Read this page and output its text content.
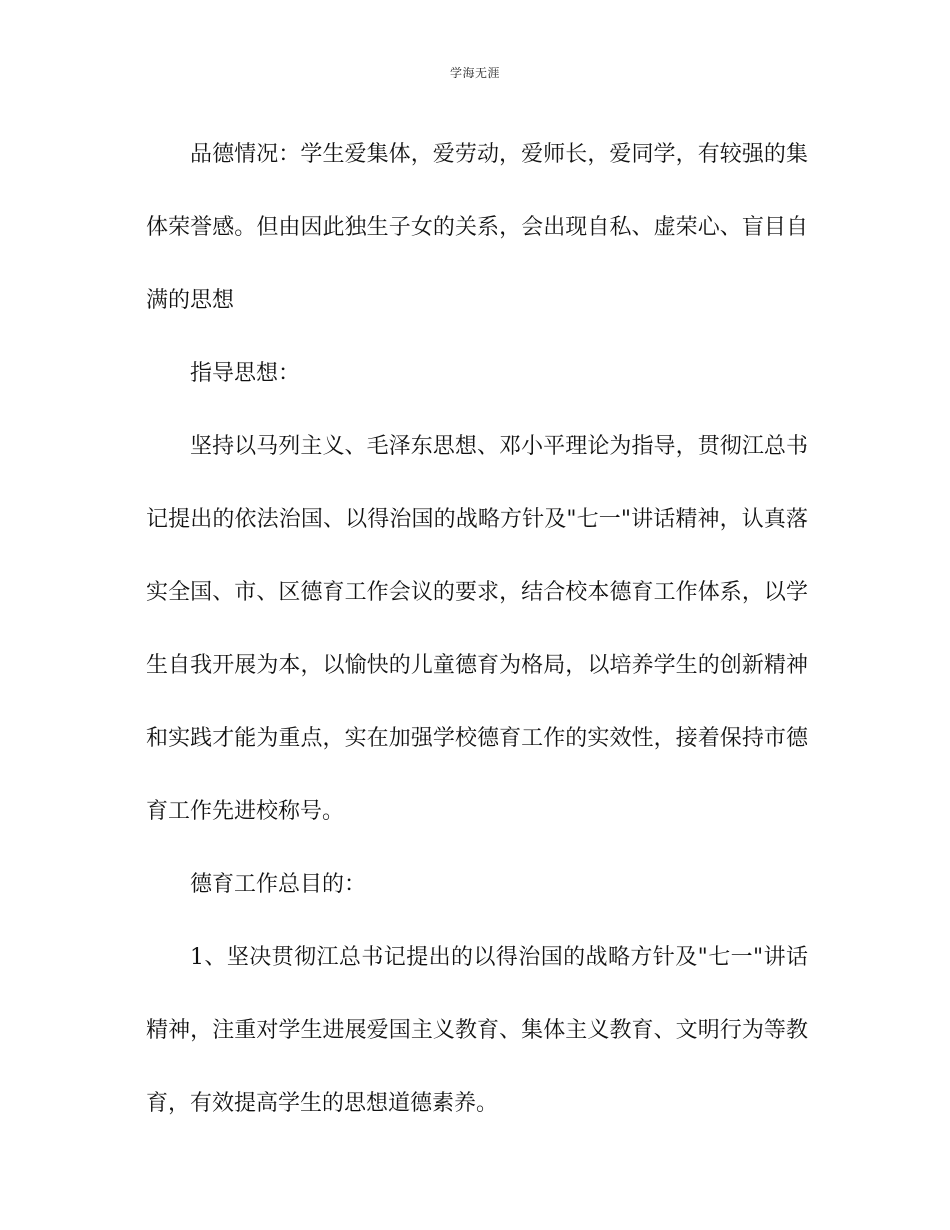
学海无涯

品德情况：学生爱集体，爱劳动，爱师长，爱同学，有较强的集体荣誉感。但由因此独生子女的关系，会出现自私、虚荣心、盲目自满的思想

指导思想：

坚持以马列主义、毛泽东思想、邓小平理论为指导，贯彻江总书记提出的依法治国、以得治国的战略方针及"七一"讲话精神，认真落实全国、市、区德育工作会议的要求，结合校本德育工作体系，以学生自我开展为本，以愉快的儿童德育为格局，以培养学生的创新精神和实践才能为重点，实在加强学校德育工作的实效性，接着保持市德育工作先进校称号。

德育工作总目的：

1、坚决贯彻江总书记提出的以得治国的战略方针及"七一"讲话精神，注重对学生进展爱国主义教育、集体主义教育、文明行为等教育，有效提高学生的思想道德素养。
